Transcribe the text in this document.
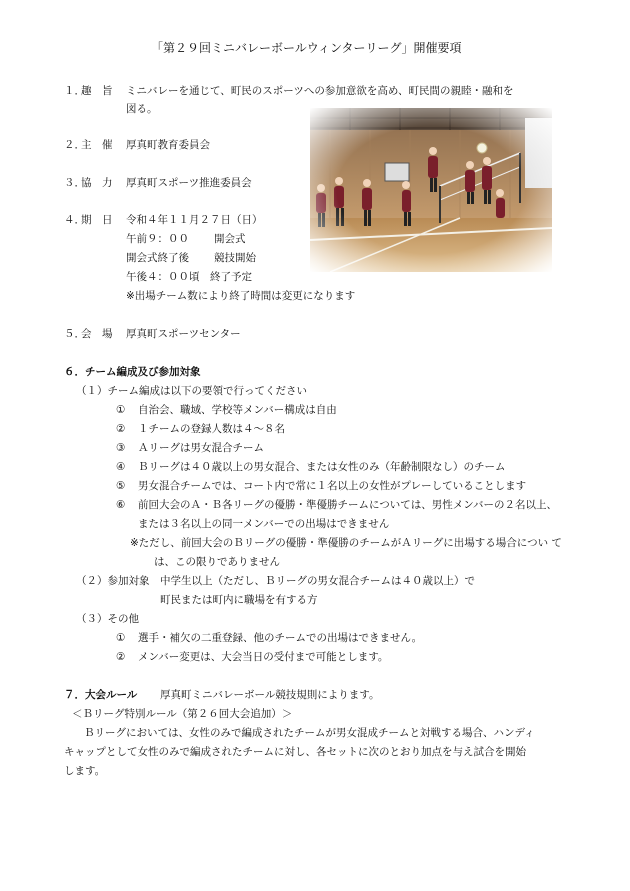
「第２９回ミニバレーボールウィンターリーグ」開催要項
１．
趣　旨 ミニバレーを通じて、町民のスポーツへの参加意欲を高め、町民間の親睦・融和を
図る。
２．
主　催 厚真町教育委員会
３．
協　力 厚真町スポーツ推進委員会
４．
期　日 令和４年１１月２７日（日）
午前９：００ 開会式
開会式終了後 競技開始
午後４：００頃　終了予定
※出場チーム数により終了時間は変更になります
５．
会　場 厚真町スポーツセンター
６．チーム編成及び参加対象
（１）チーム編成は以下の要領で行ってください
① 自治会、職域、学校等メンバー構成は自由
② １チームの登録人数は４～８名
③ Ａリーグは男女混合チーム
④ Ｂリーグは４０歳以上の男女混合、または女性のみ（年齢制限なし）のチーム
⑤ 男女混合チームでは、コート内で常に１名以上の女性がプレーしていることします
⑥ 前回大会のＡ・Ｂ各リーグの優勝・準優勝チームについては、男性メンバーの２名以上、
または３名以上の同一メンバーでの出場はできません
※ただし、前回大会のＢリーグの優勝・準優勝のチームがＡリーグに出場する場合につい て
は、この限りでありません
（２）参加対象　中学生以上（ただし、Ｂリーグの男女混合チームは４０歳以上）で
町民または町内に職場を有する方
（３）その他
① 選手・補欠の二重登録、他のチームでの出場はできません。
② メンバー変更は、大会当日の受付まで可能とします。
７．大会ルール 厚真町ミニバレーボール競技規則によります。
＜Ｂリーグ特別ルール（第２６回大会追加）＞
Ｂリーグにおいては、女性のみで編成されたチームが男女混成チームと対戦する場合、ハンディ
キャップとして女性のみで編成されたチームに対し、各セットに次のとおり加点を与え試合を開始
します。
